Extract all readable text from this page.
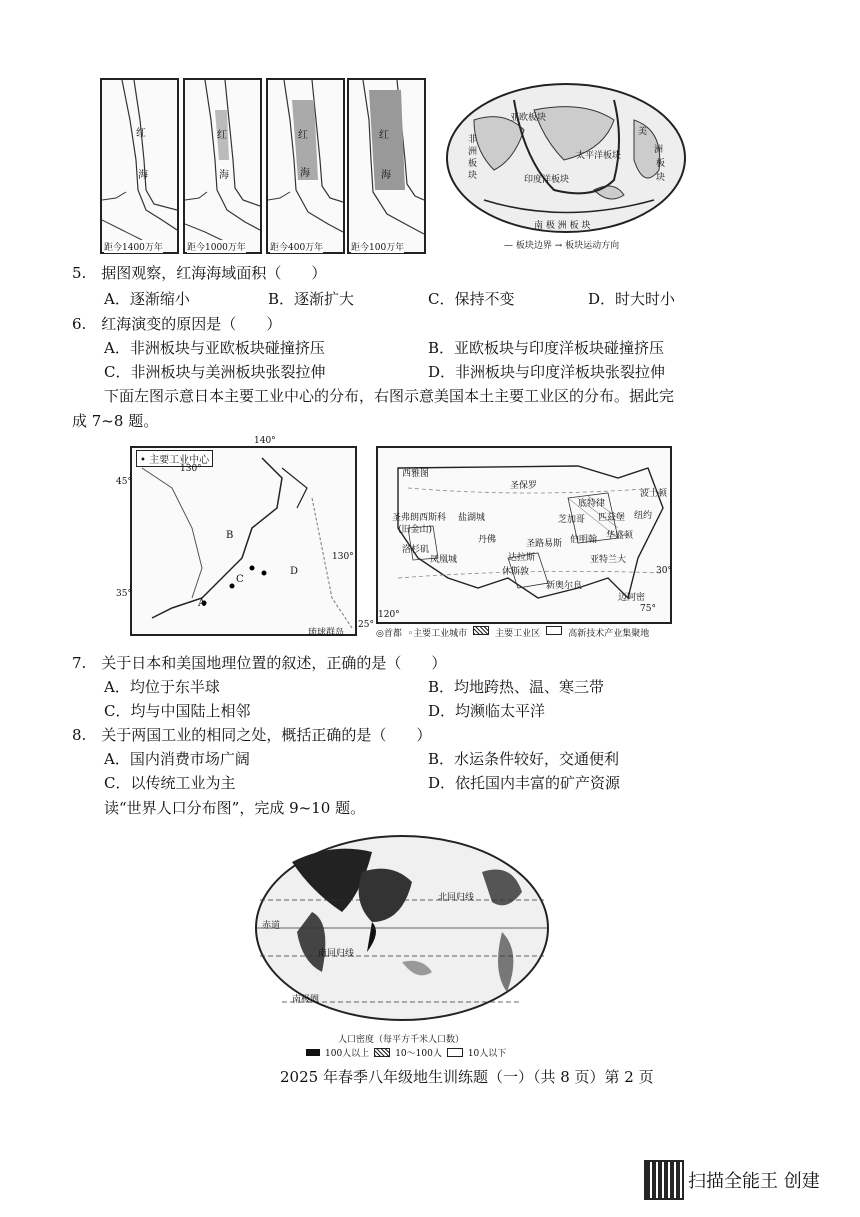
红
海
距今1400万年
红
海
距今1000万年
红
海
距今400万年
红
海
距今100万年
亚欧板块
非
洲
板
块
太平洋板块
印度洋板块
美
洲
板
块
南 极 洲 板 块
— 板块边界 → 板块运动方向
5.　据图观察，红海海域面积（　　）
A．逐渐缩小	B．逐渐扩大	C．保持不变	D．时大时小
6.　红海演变的原因是（　　）
A．非洲板块与亚欧板块碰撞挤压	B．亚欧板块与印度洋板块碰撞挤压
C．非洲板块与美洲板块张裂拉伸	D．非洲板块与印度洋板块张裂拉伸
下面左图示意日本主要工业中心的分布，右图示意美国本土主要工业区的分布。据此完
成 7~8 题。
• 主要工业中心
130°
B
C
D
A
130°
琉球群岛
140°
45°
35°
25°
西雅图
圣保罗
底特律
波士顿
圣弗朗西斯科
(旧金山)
盐湖城	芝加哥 匹兹堡 纽约
洛杉矶
凤凰城
丹佛	圣路易斯
华盛顿
伯明翰
休斯敦
达拉斯
新奥尔良
亚特兰大
迈阿密
30°
120°
75°
◎首都 ◦主要工业城市	主要工业区	高新技术产业集聚地
7.　关于日本和美国地理位置的叙述，正确的是（　　）
A．均位于东半球	B．均地跨热、温、寒三带
C．均与中国陆上相邻	D．均濒临太平洋
8.　关于两国工业的相同之处，概括正确的是（　　）
A．国内消费市场广阔	B．水运条件较好，交通便利
C．以传统工业为主	D．依托国内丰富的矿产资源
读“世界人口分布图”，完成 9~10 题。
北回归线
赤道
南回归线
南极圈
人口密度（每平方千米人口数）
100人以上	10～100人	10人以下
2025 年春季八年级地生训练题（一）（共 8 页）第 2 页
扫描全能王 创建
